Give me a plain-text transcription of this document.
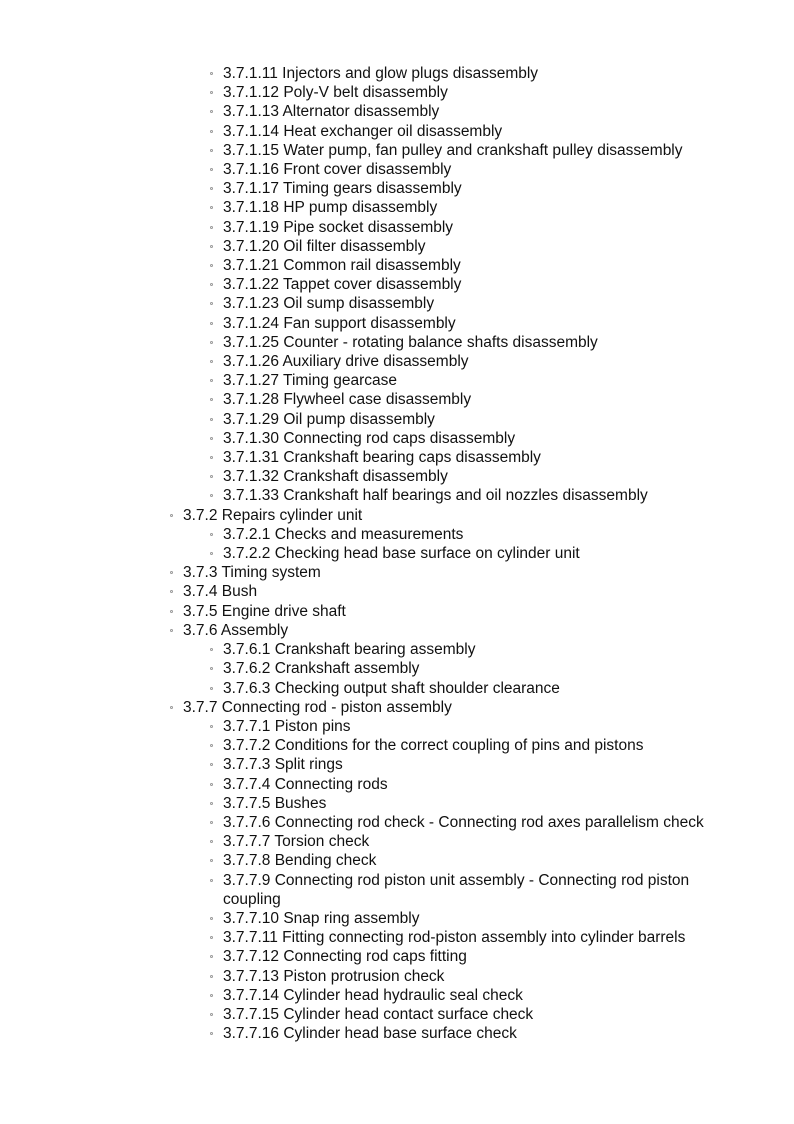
3.7.1.11 Injectors and glow plugs disassembly
3.7.1.12 Poly-V belt disassembly
3.7.1.13 Alternator disassembly
3.7.1.14 Heat exchanger oil disassembly
3.7.1.15 Water pump, fan pulley and crankshaft pulley disassembly
3.7.1.16 Front cover disassembly
3.7.1.17 Timing gears disassembly
3.7.1.18 HP pump disassembly
3.7.1.19 Pipe socket disassembly
3.7.1.20 Oil filter disassembly
3.7.1.21 Common rail disassembly
3.7.1.22 Tappet cover disassembly
3.7.1.23 Oil sump disassembly
3.7.1.24 Fan support disassembly
3.7.1.25 Counter - rotating balance shafts disassembly
3.7.1.26 Auxiliary drive disassembly
3.7.1.27 Timing gearcase
3.7.1.28 Flywheel case disassembly
3.7.1.29 Oil pump disassembly
3.7.1.30 Connecting rod caps disassembly
3.7.1.31 Crankshaft bearing caps disassembly
3.7.1.32 Crankshaft disassembly
3.7.1.33 Crankshaft half bearings and oil nozzles disassembly
3.7.2 Repairs cylinder unit
3.7.2.1 Checks and measurements
3.7.2.2 Checking head base surface on cylinder unit
3.7.3 Timing system
3.7.4 Bush
3.7.5 Engine drive shaft
3.7.6 Assembly
3.7.6.1 Crankshaft bearing assembly
3.7.6.2 Crankshaft assembly
3.7.6.3 Checking output shaft shoulder clearance
3.7.7 Connecting rod - piston assembly
3.7.7.1 Piston pins
3.7.7.2 Conditions for the correct coupling of pins and pistons
3.7.7.3 Split rings
3.7.7.4 Connecting rods
3.7.7.5 Bushes
3.7.7.6 Connecting rod check - Connecting rod axes parallelism check
3.7.7.7 Torsion check
3.7.7.8 Bending check
3.7.7.9 Connecting rod piston unit assembly - Connecting rod piston coupling
3.7.7.10 Snap ring assembly
3.7.7.11 Fitting connecting rod-piston assembly into cylinder barrels
3.7.7.12 Connecting rod caps fitting
3.7.7.13 Piston protrusion check
3.7.7.14 Cylinder head hydraulic seal check
3.7.7.15 Cylinder head contact surface check
3.7.7.16 Cylinder head base surface check
